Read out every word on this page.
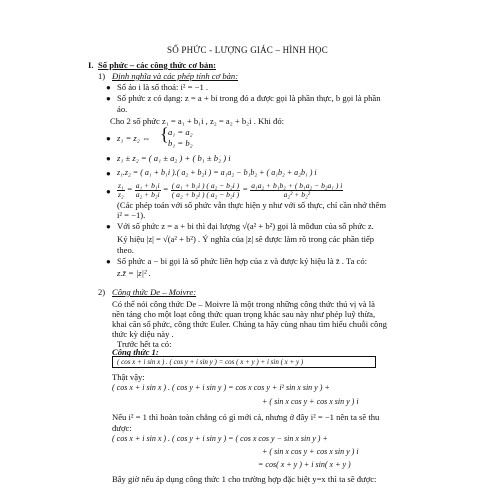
SỐ PHỨC - LƯỢNG GIÁC – HÌNH HỌC
I. Số phức – các công thức cơ bản:
1) Định nghĩa và các phép tính cơ bản:
● Số ảo i là số thoả: i² = −1 .
● Số phức z có dạng: z = a + bi trong đó a được gọi là phần thực, b gọi là phần
ảo.
Cho 2 số phức z₁ = a₁ + b₁i , z₂ = a₂ + b₂i . Khi đó:
● z₁ = z₂ ⇔ { a₁ = a₂
b₁ = b₂
● z₁ ± z₂ = ( a₁ ± a₂ ) + ( b₁ ± b₂ ) i
● z₁.z₂ = ( a₁ + b₁i ).( a₂ + b₂i ) = a₁a₂ − b₁b₂ + ( a₁b₂ + a₂b₁ ) i
● $\frac{\text{z₁}}{\text{z₂}} = \frac{\text{a₁ + b₁i}}{\text{a₂ + b₂i}} = \frac{\text{( a₁ + b₁i ) ( a₂ − b₂i )}}{\text{( a₂ + b₂i ) ( a₂ − b₂i )}} = \frac{\text{a₁a₂ + b₁b₂ + ( b₁a₂ − b₂a₁ ) i}}{\text{a₂² + b₂²}}$
(Các phép toán với số phức vẫn thực hiện y như với số thực, chỉ cần nhớ thêm
i² = −1).
● Với số phức z = a + bi thì đại lượng √(a² + b²) gọi là môđun của số phức z.
Ký hiệu |z| = √(a² + b²) . Ý nghĩa của |z| sẽ được làm rõ trong các phần tiếp
theo.
● Số phức a − bi gọi là số phức liên hợp của z và được ký hiệu là z̄ . Ta có:
z.z̄ = |z|² .
2) Công thức De – Moivre:
Có thể nói công thức De – Moivre là một trong những công thức thú vị và là
nền tảng cho một loạt công thức quan trọng khác sau này như phép luỹ thừa,
khai căn số phức, công thức Euler. Chúng ta hãy cùng nhau tìm hiểu chuỗi công
thức kỳ diệu này .
Trước hết ta có:
Công thức 1:
( cos x + i sin x ) . ( cos y + i sin y ) = cos ( x + y ) + i sin ( x + y )
Thật vậy:
( cos x + i sin x ) . ( cos y + i sin y ) = cos x cos y + i² sin x sin y ) +
+ ( sin x cos y + cos x sin y ) i
Nếu i² = 1 thì hoàn toàn chẳng có gì mới cả, nhưng ở đây i² = −1 nên ta sẽ thu
được:
( cos x + i sin x ) . ( cos y + i sin y ) = ( cos x cos y − sin x sin y ) +
+ ( sin x cos y + cos x sin y ) i
= cos( x + y ) + i sin( x + y )
Bây giờ nếu áp dụng công thức 1 cho trường hợp đặc biệt y=x thì ta sẽ được:
